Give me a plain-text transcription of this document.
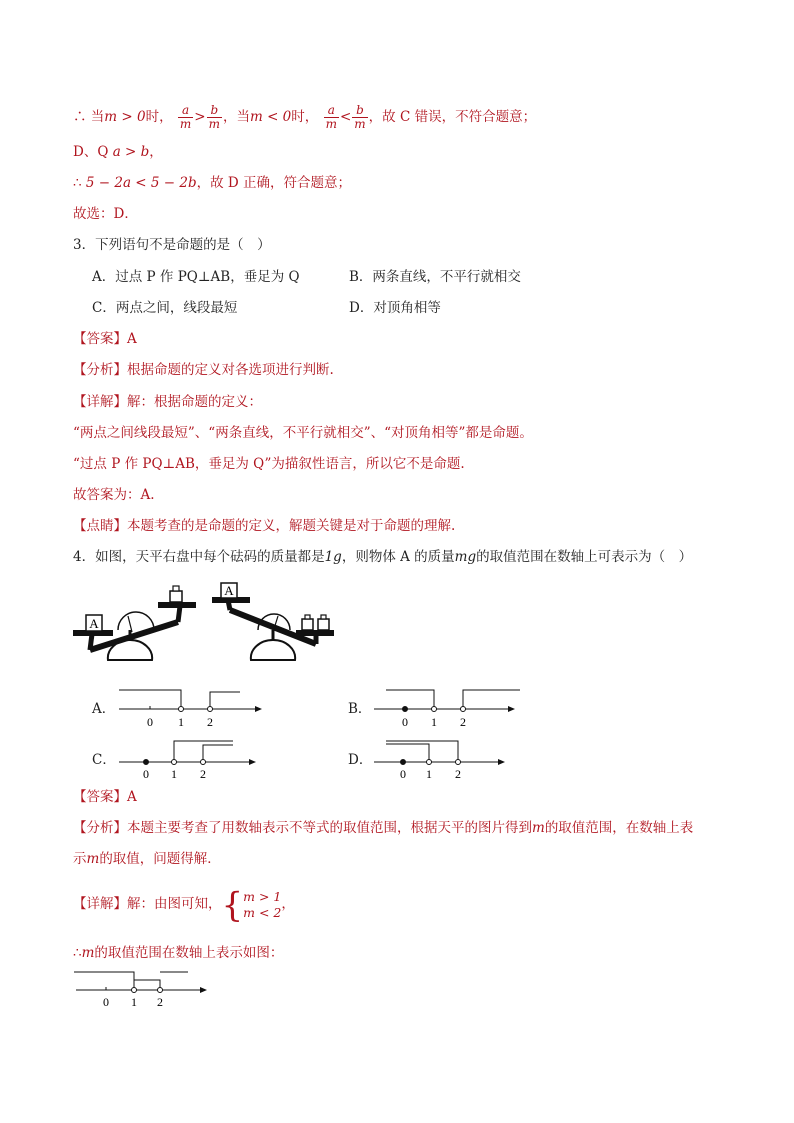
∴ 当m > 0时， $\frac{a}{m} > \frac{b}{m}$ ，当m < 0时， $\frac{a}{m} < \frac{b}{m}$ ，故 C 错误，不符合题意；
D、Q a > b，
∴ 5 − 2a < 5 − 2b，故 D 正确，符合题意；
故选：D．
3．下列语句不是命题的是（　）
A．过点 P 作 PQ⊥AB，垂足为 Q	B．两条直线，不平行就相交
C．两点之间，线段最短	D．对顶角相等
【答案】A
【分析】根据命题的定义对各选项进行判断.
【详解】解：根据命题的定义：
“两点之间线段最短”、“两条直线，不平行就相交”、“对顶角相等”都是命题。
“过点 P 作 PQ⊥AB，垂足为 Q”为描叙性语言，所以它不是命题.
故答案为：A.
【点睛】本题考查的是命题的定义，解题关键是对于命题的理解.
4．如图，天平右盘中每个砝码的质量都是1g，则物体 A 的质量mg的取值范围在数轴上可表示为（　）
A
A
A．
0 1 2
B．
0 1 2
C．
0 1 2
D．
0 1 2
【答案】A
【分析】本题主要考查了用数轴表示不等式的取值范围，根据天平的图片得到m的取值范围，在数轴上表
示m的取值，问题得解．
【详解】解：由图可知，{ m > 1
m < 2
，
∴m的取值范围在数轴上表示如图：
0 1 2
